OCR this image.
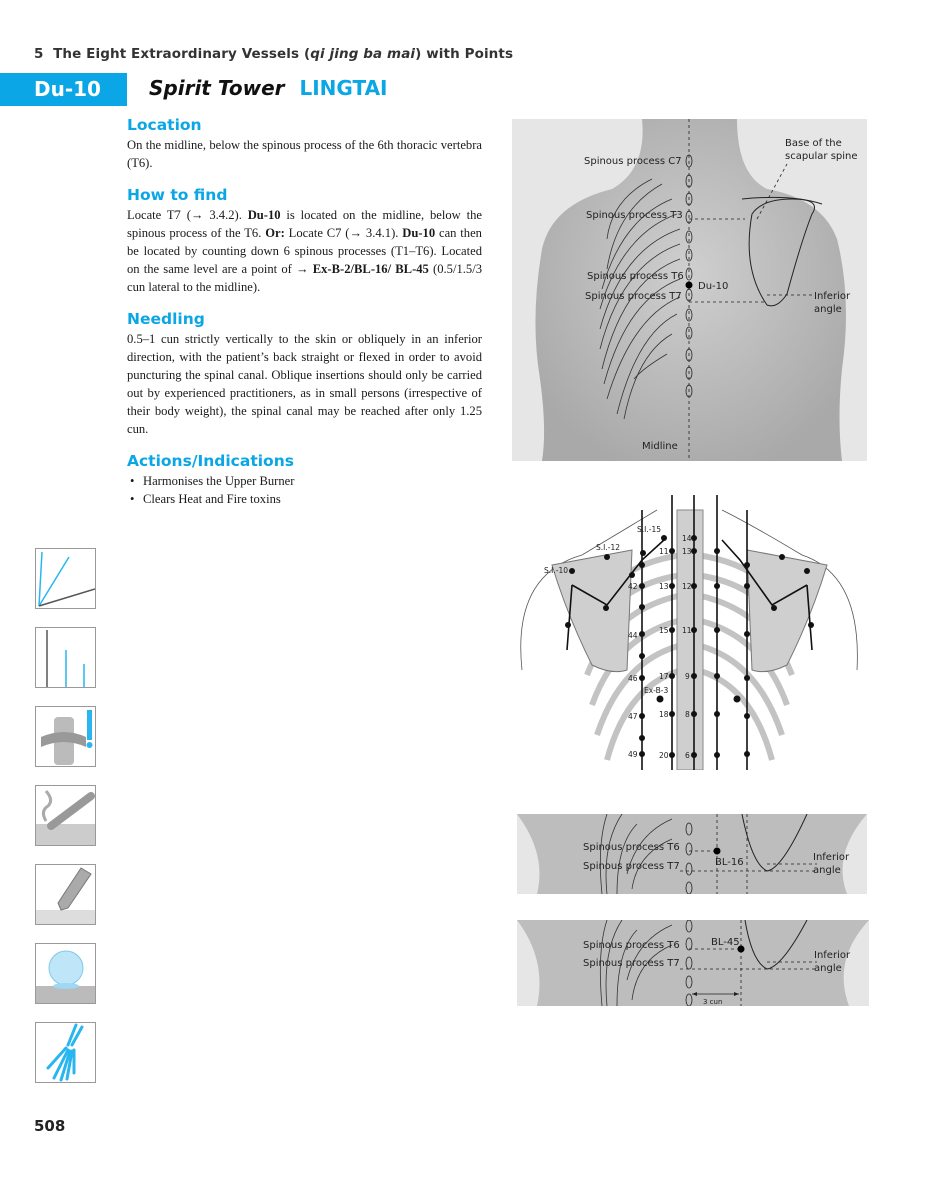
5 The Eight Extraordinary Vessels (qi jing ba mai) with Points
Du-10	Spirit Tower LINGTAI
Location

On the midline, below the spinous process of the 6th thoracic vertebra (T6).

How to find

Locate T7 (→ 3.4.2). Du-10 is located on the midline, below the spinous process of the T6. Or: Locate C7 (→ 3.4.1). Du-10 can then be located by counting down 6 spinous processes (T1–T6). Located on the same level are a point of → Ex-B-2/BL-16/ BL-45 (0.5/1.5/3 cun lateral to the midline).

Needling

0.5–1 cun strictly vertically to the skin or obliquely in an inferior direction, with the patient’s back straight or flexed in order to avoid puncturing the spinal canal. Oblique insertions should only be carried out by experienced practitioners, as in small persons (irrespective of their body weight), the spinal canal may be reached after only 1.25 cun.

Actions/Indications
• Harmonises the Upper Burner
• Clears Heat and Fire toxins
Spinous process C7
Spinous process T3
Spinous process T6
Spinous process T7
Du-10
Base of the
scapular spine
Inferior
angle
Midline
S.I.-15
S.I.-12
S.I.-10
Ex-B-3
42
44
46
47
49
11
13
15
17
18
20
14
13
12
11
9
8
6
Spinous process T6
Spinous process T7	BL-16	Inferior
angle
Spinous process T6
Spinous process T7
BL-45
Inferior
angle
3 cun
508
